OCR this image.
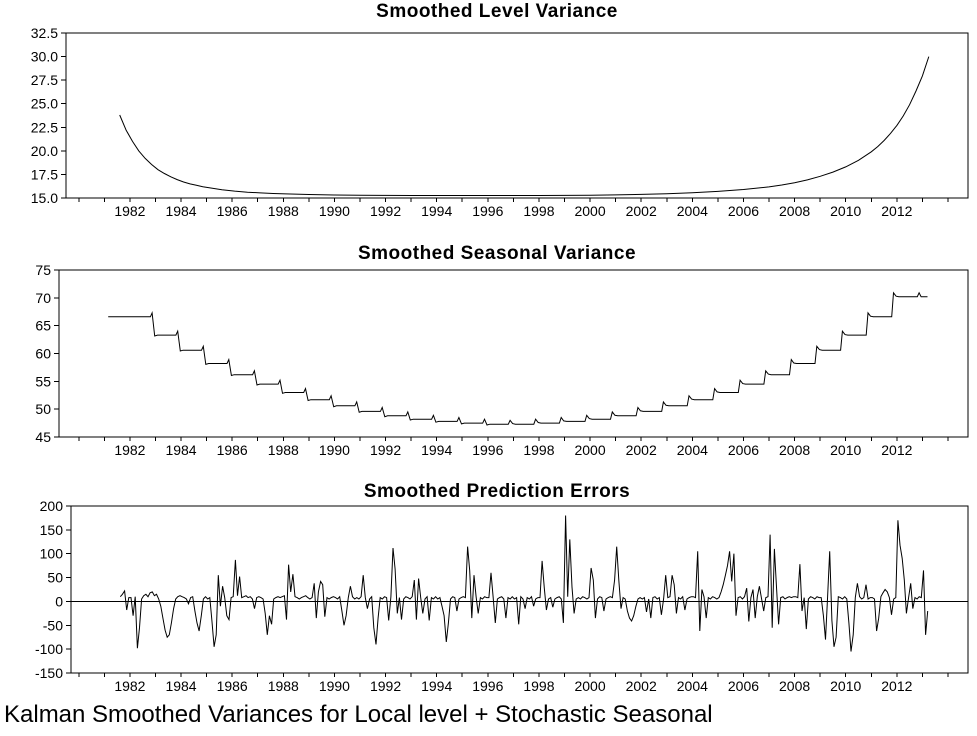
Smoothed Level Variance
Smoothed Seasonal Variance
Smoothed Prediction Errors
32.5
30.0
27.5
25.0
22.5
20.0
17.5
15.0
1982 1984 1986 1988 1990 1992 1994 1996 1998 2000 2002 2004 2006 2008 2010 2012
75
70
65
60
55
50
45
1982 1984 1986 1988 1990 1992 1994 1996 1998 2000 2002 2004 2006 2008 2010 2012
200
150
100
50
0
-50
-100
-150
1982 1984 1986 1988 1990 1992 1994 1996 1998 2000 2002 2004 2006 2008 2010 2012
Kalman Smoothed Variances for Local level + Stochastic Seasonal
